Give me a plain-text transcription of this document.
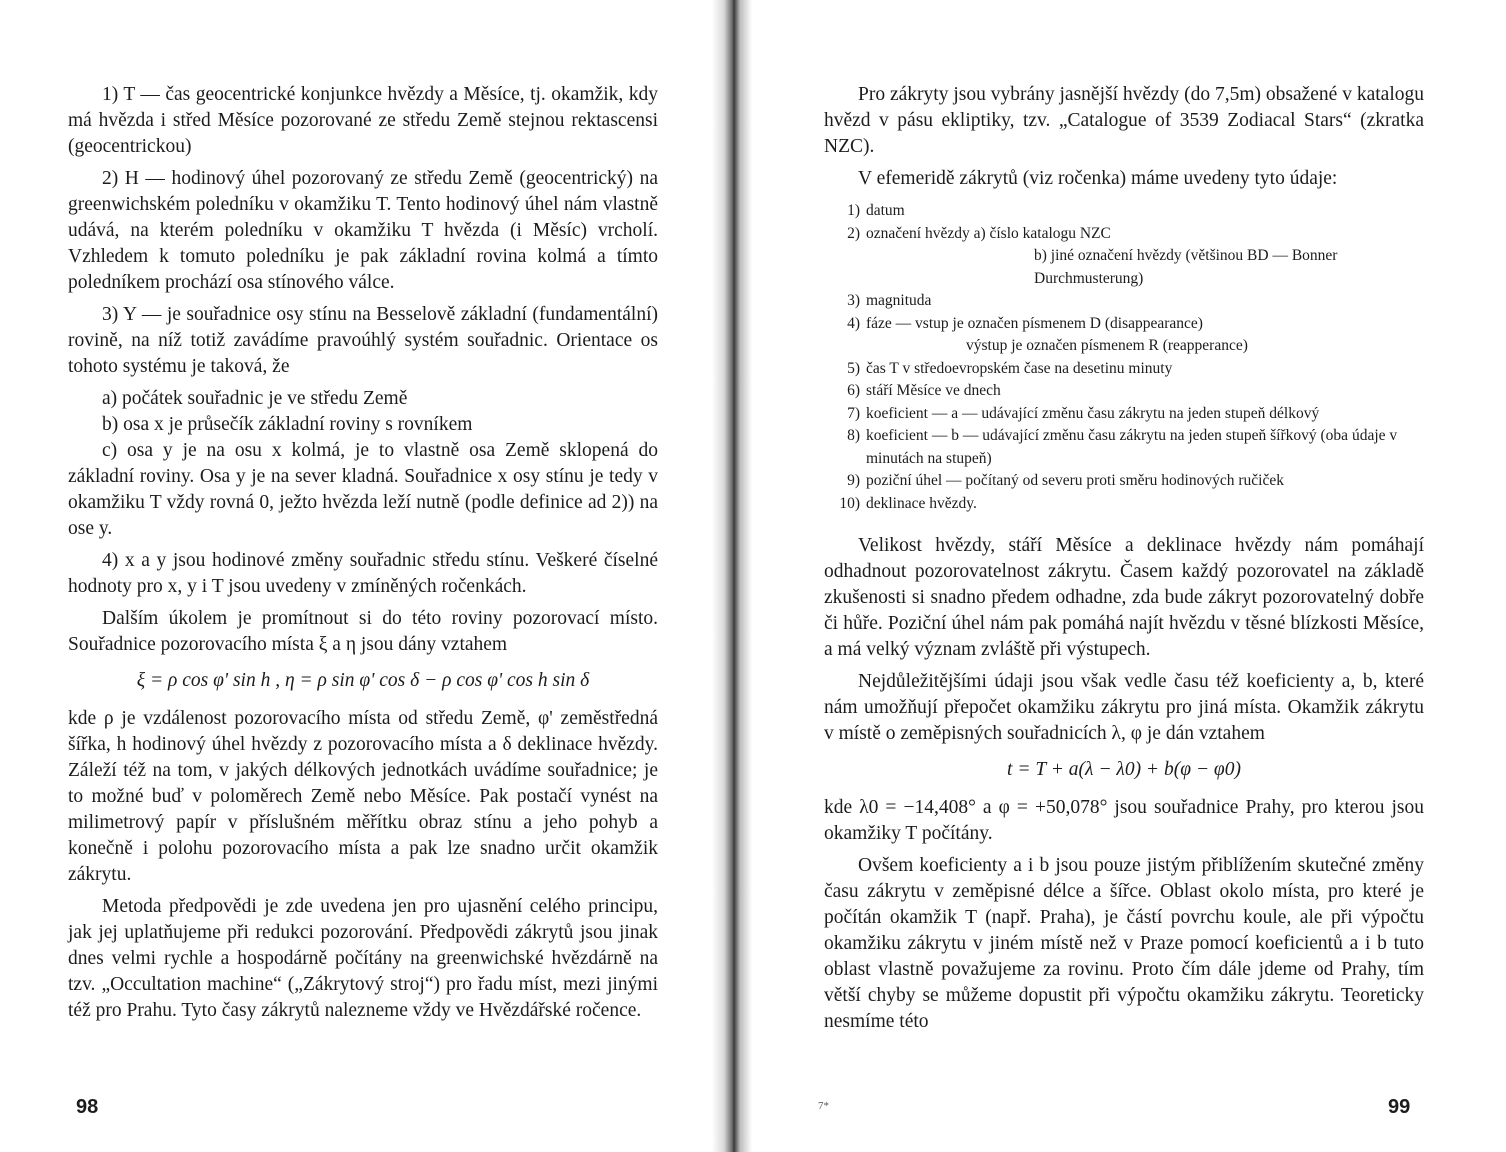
1) T — čas geocentrické konjunkce hvězdy a Měsíce, tj. okamžik, kdy má hvězda i střed Měsíce pozorované ze středu Země stejnou rektascensi (geocentrickou)

2) H — hodinový úhel pozorovaný ze středu Země (geocentrický) na greenwichském poledníku v okamžiku T. Tento hodinový úhel nám vlastně udává, na kterém poledníku v okamžiku T hvězda (i Měsíc) vrcholí. Vzhledem k tomuto poledníku je pak základní rovina kolmá a tímto poledníkem prochází osa stínového válce.

3) Y — je souřadnice osy stínu na Besselově základní (fundamentální) rovině, na níž totiž zavádíme pravoúhlý systém souřadnic. Orientace os tohoto systému je taková, že

a) počátek souřadnic je ve středu Země

b) osa x je průsečík základní roviny s rovníkem

c) osa y je na osu x kolmá, je to vlastně osa Země sklopená do základní roviny. Osa y je na sever kladná. Souřadnice x osy stínu je tedy v okamžiku T vždy rovná 0, ježto hvězda leží nutně (podle definice ad 2)) na ose y.

4) x a y jsou hodinové změny souřadnic středu stínu. Veškeré číselné hodnoty pro x, y i T jsou uvedeny v zmíněných ročenkách.

Dalším úkolem je promítnout si do této roviny pozorovací místo. Souřadnice pozorovacího místa ξ a η jsou dány vztahem

ξ = ρ cos φ' sin h , η = ρ sin φ' cos δ − ρ cos φ' cos h sin δ

kde ρ je vzdálenost pozorovacího místa od středu Země, φ' zeměstředná šířka, h hodinový úhel hvězdy z pozorovacího místa a δ deklinace hvězdy. Záleží též na tom, v jakých délkových jednotkách uvádíme souřadnice; je to možné buď v poloměrech Země nebo Měsíce. Pak postačí vynést na milimetrový papír v příslušném měřítku obraz stínu a jeho pohyb a konečně i polohu pozorovacího místa a pak lze snadno určit okamžik zákrytu.

Metoda předpovědi je zde uvedena jen pro ujasnění celého principu, jak jej uplatňujeme při redukci pozorování. Předpovědi zákrytů jsou jinak dnes velmi rychle a hospodárně počítány na greenwichské hvězdárně na tzv. „Occultation machine“ („Zákrytový stroj“) pro řadu míst, mezi jinými též pro Prahu. Tyto časy zákrytů nalezneme vždy ve Hvězdářské ročence.

98

Pro zákryty jsou vybrány jasnější hvězdy (do 7,5m) obsažené v katalogu hvězd v pásu ekliptiky, tzv. „Catalogue of 3539 Zodiacal Stars“ (zkratka NZC).

V efemeridě zákrytů (viz ročenka) máme uvedeny tyto údaje:

1) datum
2) označení hvězdy a) číslo katalogu NZC
b) jiné označení hvězdy (většinou BD — Bonner Durchmusterung)
3) magnituda
4) fáze — vstup je označen písmenem D (disappearance)
výstup je označen písmenem R (reapperance)
5) čas T v středoevropském čase na desetinu minuty
6) stáří Měsíce ve dnech
7) koeficient — a — udávající změnu času zákrytu na jeden stupeň délkový
8) koeficient — b — udávající změnu času zákrytu na jeden stupeň šířkový (oba údaje v minutách na stupeň)
9) poziční úhel — počítaný od severu proti směru hodinových ručiček
10) deklinace hvězdy.

Velikost hvězdy, stáří Měsíce a deklinace hvězdy nám pomáhají odhadnout pozorovatelnost zákrytu. Časem každý pozorovatel na základě zkušenosti si snadno předem odhadne, zda bude zákryt pozorovatelný dobře či hůře. Poziční úhel nám pak pomáhá najít hvězdu v těsné blízkosti Měsíce, a má velký význam zvláště při výstupech.

Nejdůležitějšími údaji jsou však vedle času též koeficienty a, b, které nám umožňují přepočet okamžiku zákrytu pro jiná místa. Okamžik zákrytu v místě o zeměpisných souřadnicích λ, φ je dán vztahem

t = T + a(λ − λ0) + b(φ − φ0)

kde λ0 = −14,408° a φ = +50,078° jsou souřadnice Prahy, pro kterou jsou okamžiky T počítány.

Ovšem koeficienty a i b jsou pouze jistým přiblížením skutečné změny času zákrytu v zeměpisné délce a šířce. Oblast okolo místa, pro které je počítán okamžik T (např. Praha), je částí povrchu koule, ale při výpočtu okamžiku zákrytu v jiném místě než v Praze pomocí koeficientů a i b tuto oblast vlastně považujeme za rovinu. Proto čím dále jdeme od Prahy, tím větší chyby se můžeme dopustit při výpočtu okamžiku zákrytu. Teoreticky nesmíme této

7*	99
